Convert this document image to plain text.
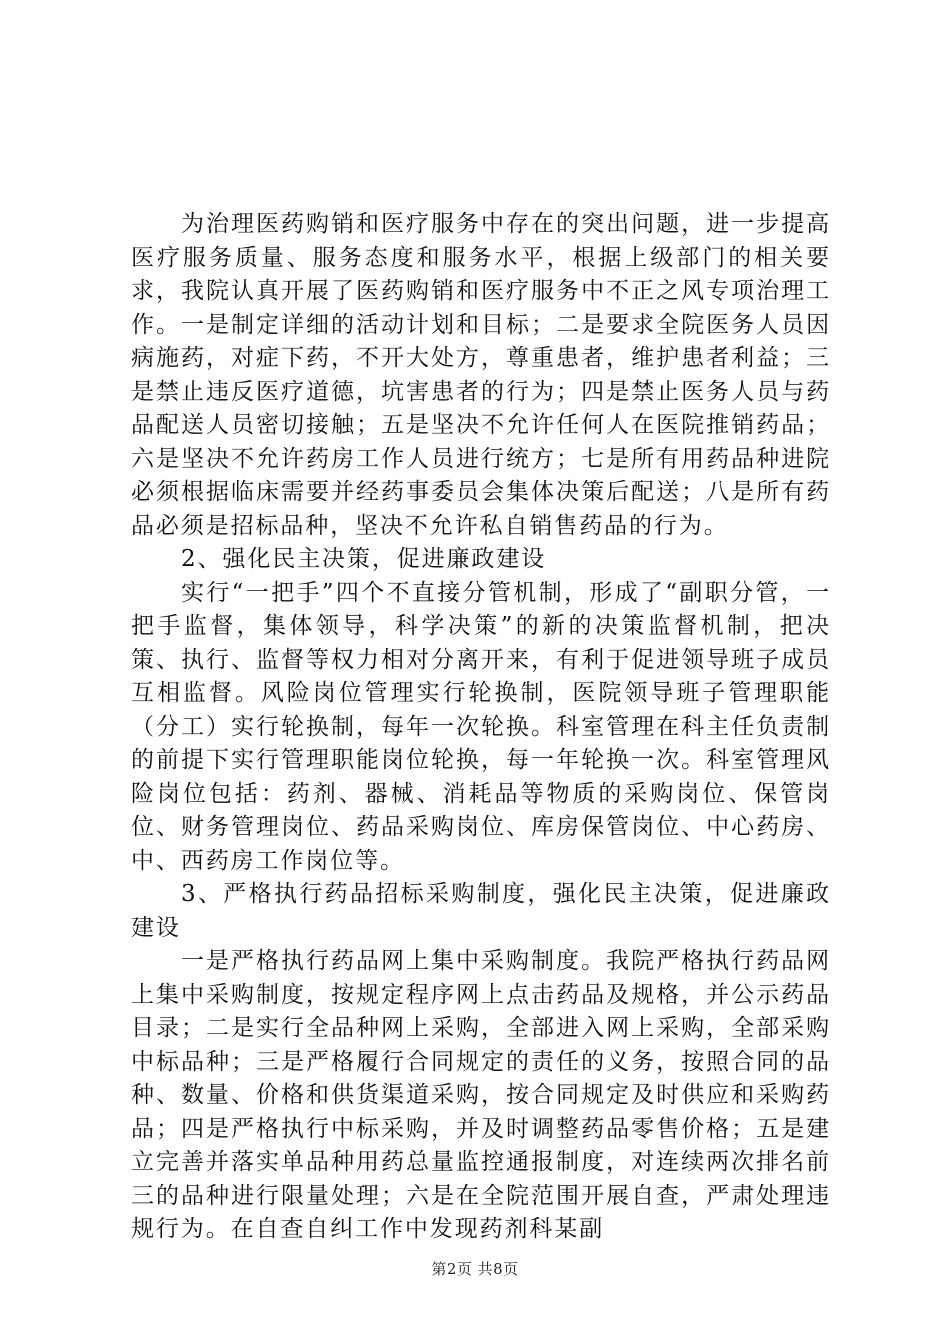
为治理医药购销和医疗服务中存在的突出问题，进一步提高医疗服务质量、服务态度和服务水平，根据上级部门的相关要求，我院认真开展了医药购销和医疗服务中不正之风专项治理工作。一是制定详细的活动计划和目标；二是要求全院医务人员因病施药，对症下药，不开大处方，尊重患者，维护患者利益；三是禁止违反医疗道德，坑害患者的行为；四是禁止医务人员与药品配送人员密切接触；五是坚决不允许任何人在医院推销药品；六是坚决不允许药房工作人员进行统方；七是所有用药品种进院必须根据临床需要并经药事委员会集体决策后配送；八是所有药品必须是招标品种，坚决不允许私自销售药品的行为。

2、强化民主决策，促进廉政建设

实行“一把手”四个不直接分管机制，形成了“副职分管，一把手监督，集体领导，科学决策”的新的决策监督机制，把决策、执行、监督等权力相对分离开来，有利于促进领导班子成员互相监督。风险岗位管理实行轮换制，医院领导班子管理职能（分工）实行轮换制，每年一次轮换。科室管理在科主任负责制的前提下实行管理职能岗位轮换，每一年轮换一次。科室管理风险岗位包括：药剂、器械、消耗品等物质的采购岗位、保管岗位、财务管理岗位、药品采购岗位、库房保管岗位、中心药房、中、西药房工作岗位等。

3、严格执行药品招标采购制度，强化民主决策，促进廉政建设

一是严格执行药品网上集中采购制度。我院严格执行药品网上集中采购制度，按规定程序网上点击药品及规格，并公示药品目录；二是实行全品种网上采购，全部进入网上采购，全部采购中标品种；三是严格履行合同规定的责任的义务，按照合同的品种、数量、价格和供货渠道采购，按合同规定及时供应和采购药品；四是严格执行中标采购，并及时调整药品零售价格；五是建立完善并落实单品种用药总量监控通报制度，对连续两次排名前三的品种进行限量处理；六是在全院范围开展自查，严肃处理违规行为。在自查自纠工作中发现药剂科某副

第2页 共8页
